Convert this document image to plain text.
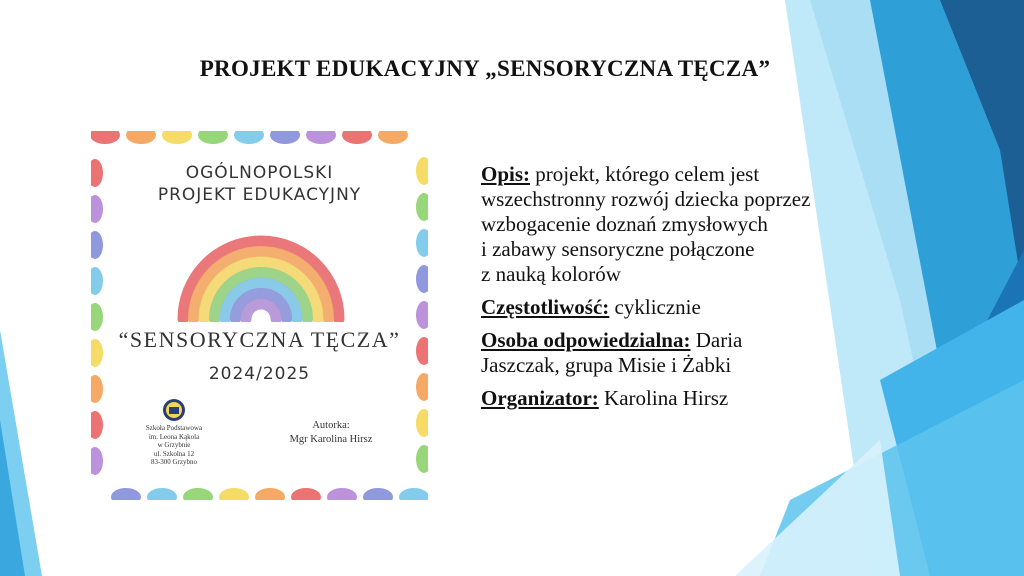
PROJEKT EDUKACYJNY „SENSORYCZNA TĘCZA”
OGÓLNOPOLSKI
PROJEKT EDUKACYJNY
“SENSORYCZNA TĘCZA”
2024/2025
Szkoła Podstawowa
im. Leona Kąkola
w Grzybnie
ul. Szkolna 12
83-300 Grzybno
Autorka:
Mgr Karolina Hirsz
Opis: projekt, którego celem jest
wszechstronny rozwój dziecka poprzez
wzbogacenie doznań zmysłowych
i zabawy sensoryczne połączone
z nauką kolorów
Częstotliwość: cyklicznie
Osoba odpowiedzialna: Daria
Jaszczak, grupa Misie i Żabki
Organizator: Karolina Hirsz
